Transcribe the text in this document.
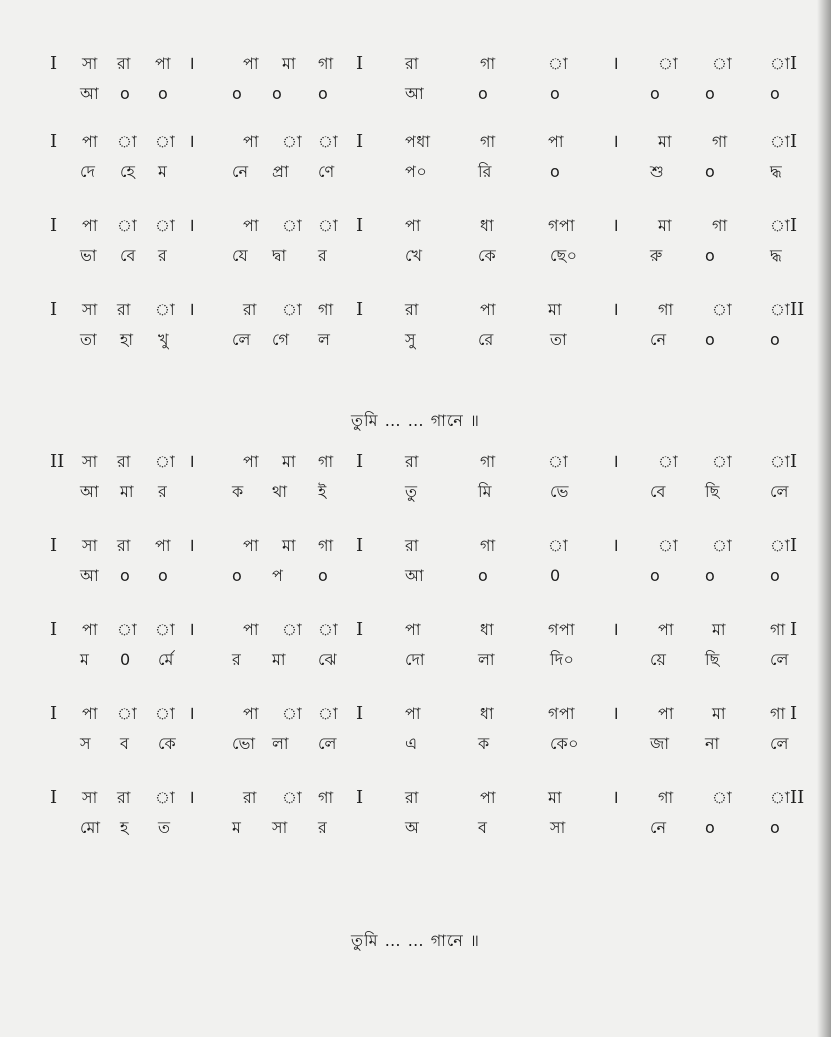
I সা রা পা ।	পা মা গা I	রা	গা	া । া া া I
আ o o	o o o	আ	o	o	o	o	o
I পা া া ।	পা া া I	পধা	গা	পা	। মা গা	া I
দে হে ম	নে প্রা ণে	প০	রি	o	শু	o	দ্ধ
I পা া া ।	পা া া I	পা	ধা	গপা । মা গা	া I
ভা বে র	যে দ্বা র	খে	কে	ছে০	রু	o	দ্ধ
I সা রা া ।	রা া গা I	রা	পা	মা	। গা া া II
তা হা খু	লে গে ল	সু	রে	তা	নে o	o
তুমি … … গানে ॥
II সা রা া ।	পা মা গা I	রা	গা	া । া া া I
আ মা র	ক থা ই	তু	মি	ভে	বে ছি	লে
I সা রা পা ।	পা মা গা I	রা	গা	া । া া া I
আ o o	o প o	আ	o	0	o	o	o
I পা া া ।	পা া া I	পা	ধা	গপা । পা মা	গা I
ম 0 র্মে	র মা ঝে	দো	লা	দি০	য়ে ছি	লে
I পা া া ।	পা া া I	পা	ধা	গপা । পা মা	গা I
স ব কে	ভো লা লে	এ	ক	কে০	জা না	লে
I সা রা া ।	রা া গা I	রা	পা	মা	। গা া া II
মো হ ত	ম সা র	অ	ব	সা	নে o	o
তুমি … … গানে ॥
